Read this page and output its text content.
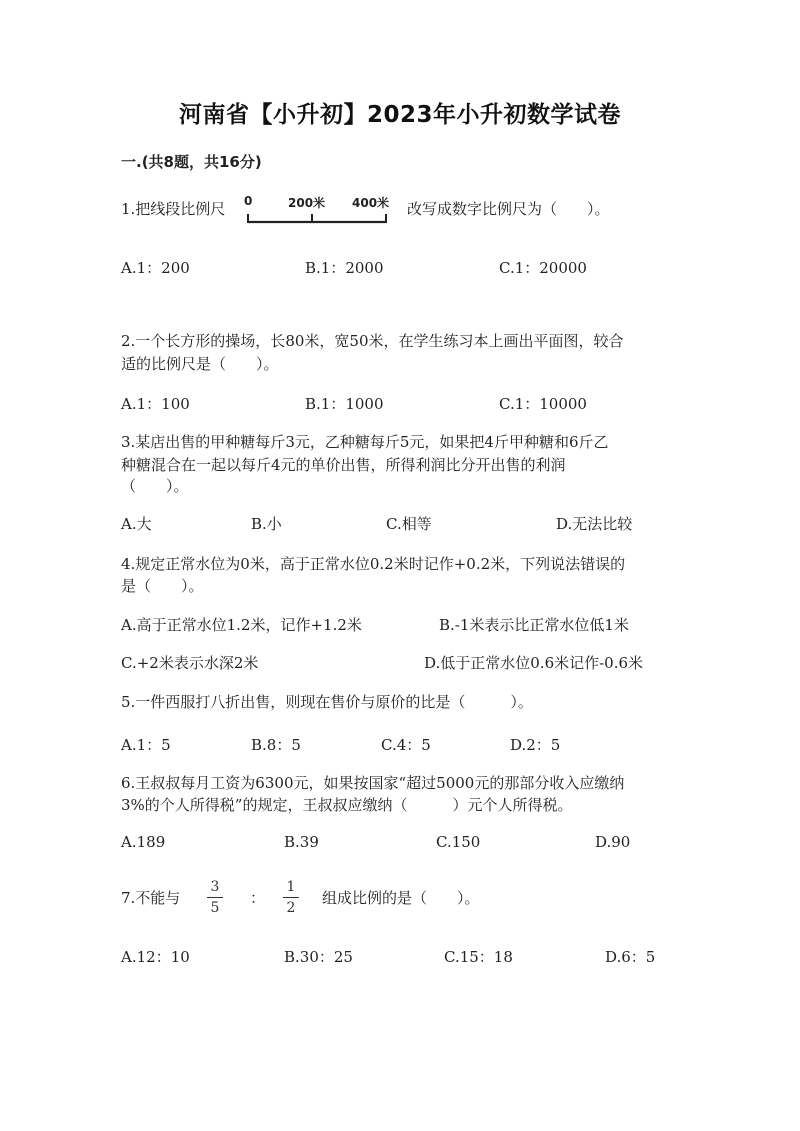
河南省【小升初】2023年小升初数学试卷
一.(共8题，共16分)
1.把线段比例尺 0	200米 400米 改写成数字比例尺为（　　）。
A.1：200	B.1：2000	C.1：20000
2.一个长方形的操场，长80米，宽50米，在学生练习本上画出平面图，较合
适的比例尺是（　　）。
A.1：100	B.1：1000	C.1：10000
3.某店出售的甲种糖每斤3元，乙种糖每斤5元，如果把4斤甲种糖和6斤乙
种糖混合在一起以每斤4元的单价出售，所得利润比分开出售的利润
（　　）。
A.大	B.小	C.相等	D.无法比较
4.规定正常水位为0米，高于正常水位0.2米时记作+0.2米，下列说法错误的
是（　　）。
A.高于正常水位1.2米，记作+1.2米	B.-1米表示比正常水位低1米
C.+2米表示水深2米	D.低于正常水位0.6米记作-0.6米
5.一件西服打八折出售，则现在售价与原价的比是（　　　）。
A.1：5	B.8：5	C.4：5	D.2：5
6.王叔叔每月工资为6300元，如果按国家“超过5000元的那部分收入应缴纳
3%的个人所得税”的规定，王叔叔应缴纳（　　　）元个人所得税。
A.189	B.39	C.150	D.90
7.不能与
3
5
：
1
2
组成比例的是（　　）。
A.12：10	B.30：25	C.15：18	D.6：5
